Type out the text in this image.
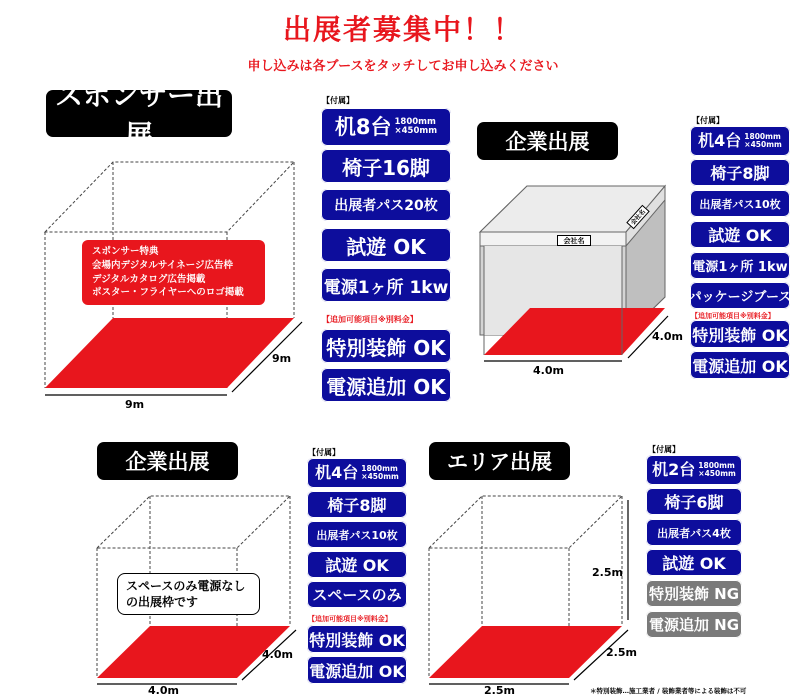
出展者募集中！！
申し込みは各ブースをタッチしてお申し込みください
スポンサー出展
スポンサー特典
会場内デジタルサイネージ広告枠
デジタルカタログ広告掲載
ポスター・フライヤーへのロゴ掲載
9m
9m
【付属】
机8台 1800mm
×450mm
椅子16脚
出展者パス20枚
試遊 OK
電源1ヶ所 1kw
【追加可能項目※別料金】
特別装飾 OK
電源追加 OK
企業出展
会社名
会社名
4.0m
4.0m
【付属】
机4台 1800mm
×450mm
椅子8脚
出展者パス10枚
試遊 OK
電源1ヶ所 1kw
パッケージブース
【追加可能項目※別料金】
特別装飾 OK
電源追加 OK
企業出展
スペースのみ電源なし
の出展枠です
4.0m
4.0m
【付属】
机4台 1800mm
×450mm
椅子8脚
出展者パス10枚
試遊 OK
スペースのみ
【追加可能項目※別料金】
特別装飾 OK
電源追加 OK
エリア出展
2.5m
2.5m
2.5m
【付属】
机2台 1800mm
×450mm
椅子6脚
出展者パス4枚
試遊 OK
特別装飾 NG
電源追加 NG
＊特別装飾…施工業者 / 装飾業者等による装飾は不可
